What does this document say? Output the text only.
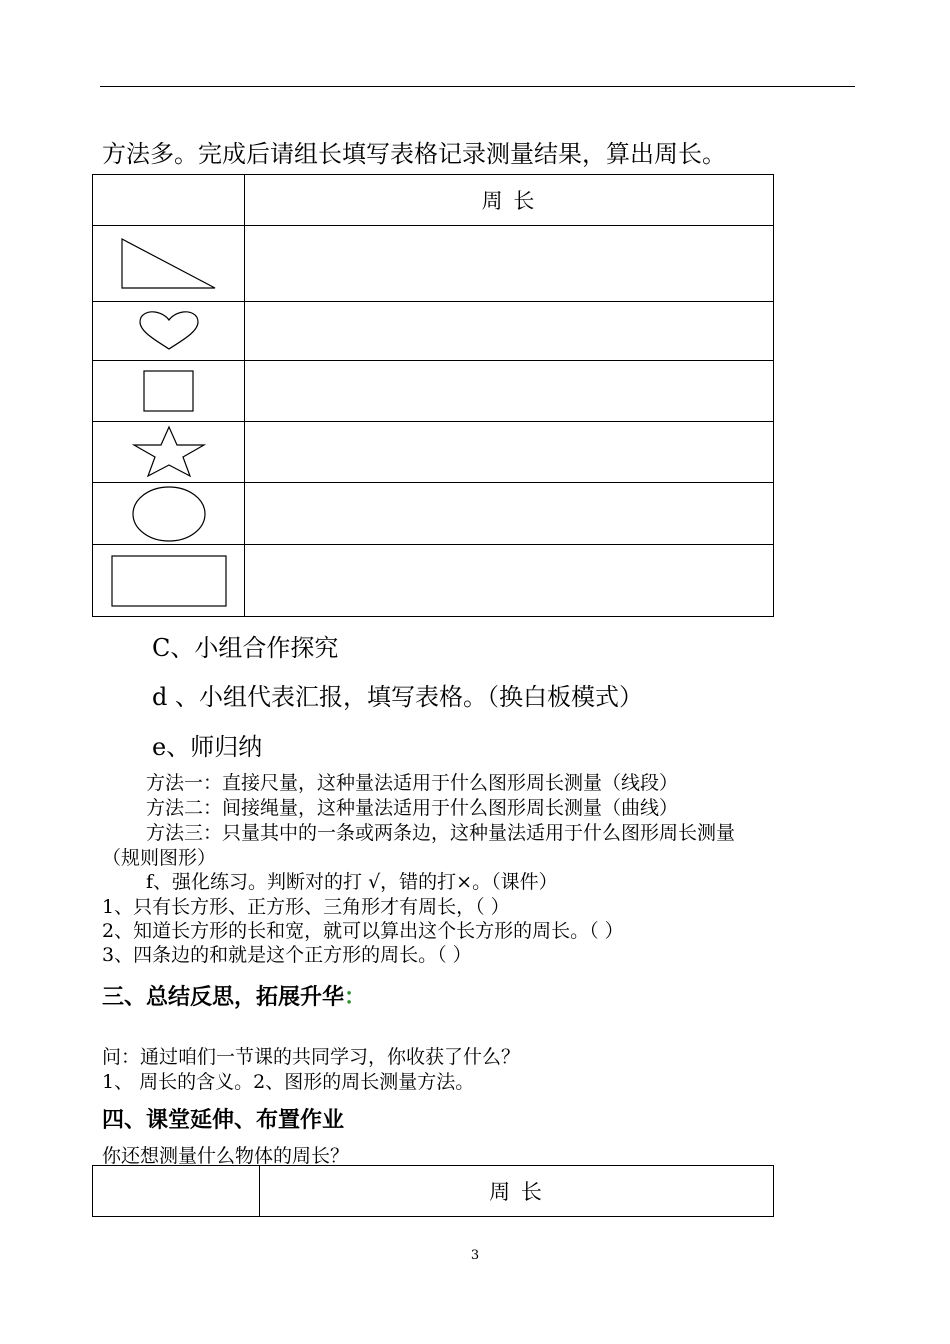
方法多。完成后请组长填写表格记录测量结果，算出周长。
	周 长

C、小组合作探究
d 、小组代表汇报，填写表格。（换白板模式）
e、师归纳
方法一：直接尺量，这种量法适用于什么图形周长测量（线段）
方法二：间接绳量，这种量法适用于什么图形周长测量（曲线）
方法三：只量其中的一条或两条边，这种量法适用于什么图形周长测量
（规则图形）
f、强化练习。判断对的打 √，错的打×。（课件）
1、只有长方形、正方形、三角形才有周长，（ ）
2、知道长方形的长和宽，就可以算出这个长方形的周长。（ ）
3、四条边的和就是这个正方形的周长。（ ）
三、总结反思，拓展升华：
问：通过咱们一节课的共同学习，你收获了什么？
1、 周长的含义。2、图形的周长测量方法。
四、课堂延伸、布置作业
你还想测量什么物体的周长？
	周 长
3
